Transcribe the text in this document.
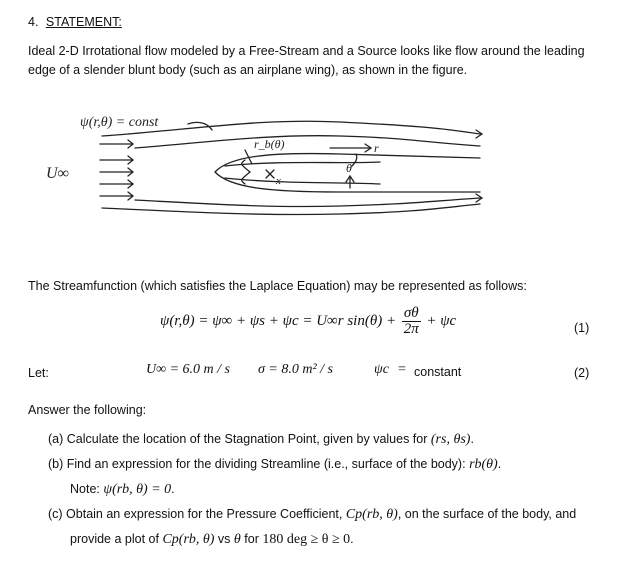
4. STATEMENT:
Ideal 2-D Irrotational flow modeled by a Free-Stream and a Source looks like flow around the leading
edge of a slender blunt body (such as an airplane wing), as shown in the figure.
ψ(r,θ) = const
U∞
r_b(θ)	r
θ
x
The Streamfunction (which satisfies the Laplace Equation) may be represented as follows:
ψ(r,θ) = ψ∞ + ψs + ψc = U∞r $\sin(\theta) + \frac{\sigma\theta}{2\pi} + \psi c$	(1)
Let:	U∞ = 6.0 m / s σ = 8.0 m² / s	ψc = constant	(2)
Answer the following:
(a) Calculate the location of the Stagnation Point, given by values for (rs, θs).
(b) Find an expression for the dividing Streamline (i.e., surface of the body): rb(θ).
Note: ψ(rb, θ) = 0.
(c) Obtain an expression for the Pressure Coefficient, Cp(rb, θ), on the surface of the body, and
provide a plot of Cp(rb, θ) vs θ for 180 deg ≥ θ ≥ 0.
